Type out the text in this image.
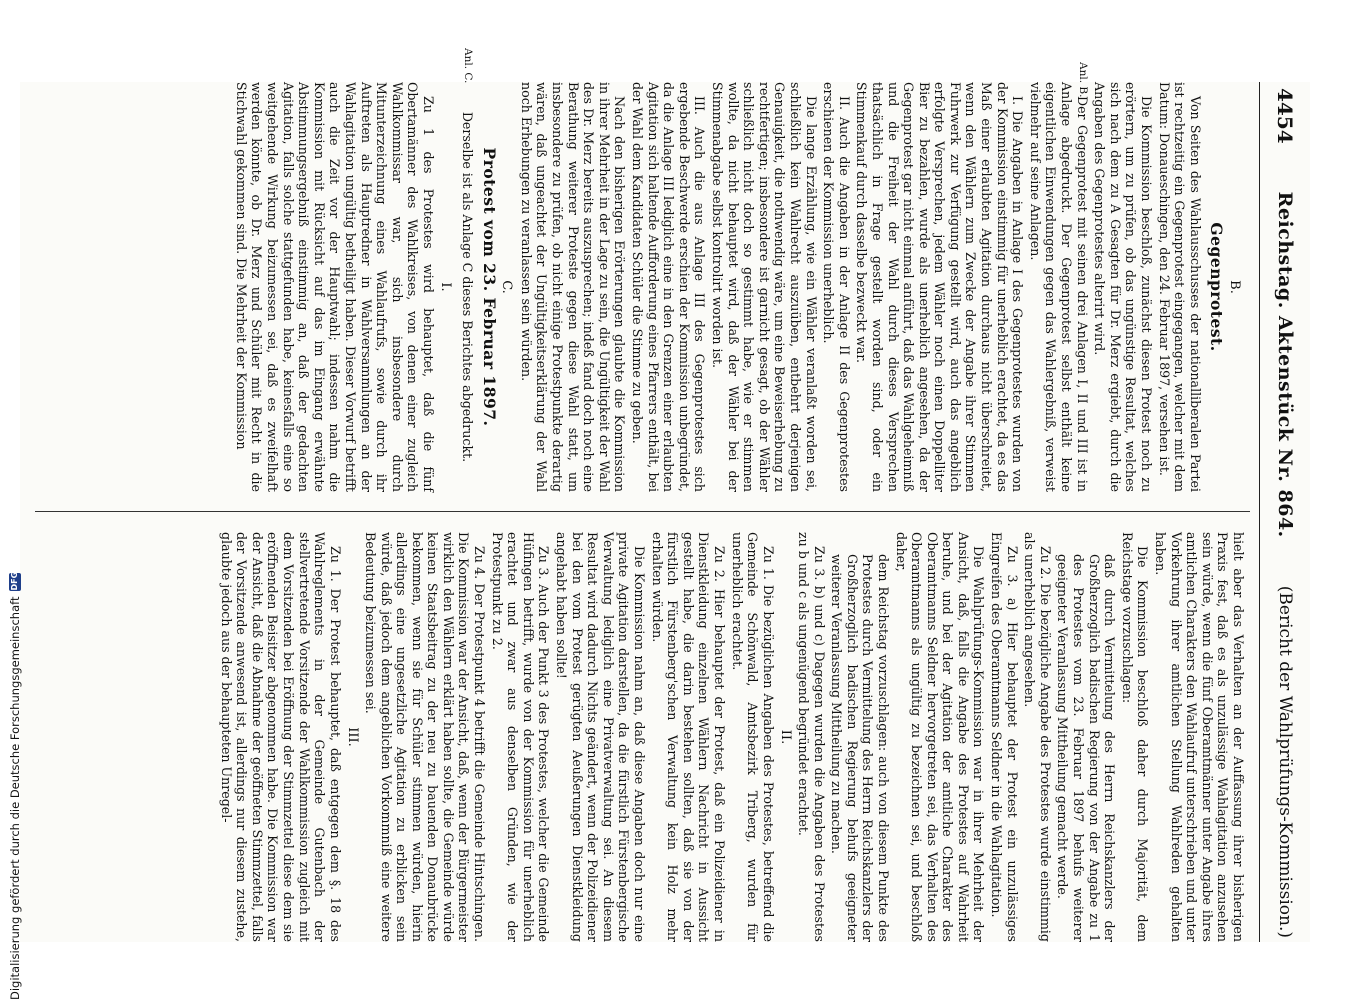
4454
Reichstag. Aktenstück Nr. 864.
(Bericht der Wahlprüfungs-Kommission.)
B.
Gegenprotest.

Von Seiten des Wahlausschusses der nationalliberalen Partei ist rechtzeitig ein Gegenprotest eingegangen, welcher mit dem Datum: Donaueschingen, den 24. Februar 1897, versehen ist.

Die Kommission beschloß, zunächst diesen Protest noch zu erörtern, um zu prüfen, ob das ungünstige Resultat, welches sich nach dem zu A Gesagten für Dr. Merz ergiebt, durch die Angaben des Gegenprotestes alterirt wird.

Anl. B.
Der Gegenprotest mit seinen drei Anlagen I, II und III ist in Anlage abgedruckt. Der Gegenprotest selbst enthält keine eigentlichen Einwendungen gegen das Wahlergebniß, verweist vielmehr auf seine Anlagen.

I. Die Angaben in Anlage I des Gegenprotestes wurden von der Kommission einstimmig für unerheblich erachtet, da es das Maß einer erlaubten Agitation durchaus nicht überschreitet, wenn den Wählern zum Zwecke der Angabe ihrer Stimmen Fuhrwerk zur Verfügung gestellt wird, auch das angeblich erfolgte Versprechen, jedem Wähler noch einen Doppelliter Bier zu bezahlen, wurde als unerheblich angesehen, da der Gegenprotest gar nicht einmal anführt, daß das Wahlgeheimniß und die Freiheit der Wahl durch dieses Versprechen thatsächlich in Frage gestellt worden sind, oder ein Stimmenkauf durch dasselbe bezweckt war.

II. Auch die Angaben in der Anlage II des Gegenprotestes erschienen der Kommission unerheblich.

Die lange Erzählung, wie ein Wähler veranlaßt worden sei, schließlich kein Wahlrecht auszuüben, entbehrt derjenigen Genauigkeit, die nothwendig wäre, um eine Beweiserhebung zu rechtfertigen; insbesondere ist garnicht gesagt, ob der Wähler schließlich nicht doch so gestimmt habe, wie er stimmen wollte, da nicht behauptet wird, daß der Wähler bei der Stimmenabgabe selbst kontrolirt worden ist.

III. Auch die aus Anlage III des Gegenprotestes sich ergebende Beschwerde erschien der Kommission unbegründet, da die Anlage III lediglich eine in den Grenzen einer erlaubten Agitation sich haltende Aufforderung eines Pfarrers enthält, bei der Wahl dem Kandidaten Schüler die Stimme zu geben.

Nach den bisherigen Erörterungen glaubte die Kommission in ihrer Mehrheit in der Lage zu sein, die Ungültigkeit der Wahl des Dr. Merz bereits auszusprechen; indeß fand doch noch eine Berathung weiterer Proteste gegen diese Wahl statt, um insbesondere zu prüfen, ob nicht einige Protestpunkte derartig wären, daß ungeachtet der Ungültigkeitserklärung der Wahl noch Erhebungen zu veranlassen sein würden.

C.
Protest vom 23. Februar 1897.
Anl. C.
Derselbe ist als Anlage C dieses Berichtes abgedruckt.
I.

Zu 1 des Protestes wird behauptet, daß die fünf Obertamänner des Wahlkreises, von denen einer zugleich Wahlkommissar war, sich insbesondere durch Mitunterzeichnung eines Wahlaufrufs, sowie durch ihr Auftreten als Hauptredner in Wahlversammlungen an der Wahlagitation ungültig betheiligt haben. Dieser Vorwurf betrifft auch die Zeit vor der Hauptwahl; indessen nahm die Kommission mit Rücksicht auf das im Eingang erwähnte Abstimmungsergebniß einstimmig an, daß der gedachten Agitation, falls solche stattgefunden habe, keinesfalls eine so weitgehende Wirkung beizumessen sei, daß es zweifelhaft werden könnte, ob Dr. Merz und Schüler mit Recht in die Stichwahl gekommen sind. Die Mehrheit der Kommission

hielt aber das Verhalten an der Auffassung ihrer bisherigen Praxis fest, daß es als unzulässige Wahlagitation anzusehen sein würde, wenn die fünf Oberamtmänner unter Angabe ihres amtlichen Charakters den Wahlaufruf unterschrieben und unter Vorkehrung ihrer amtlichen Stellung Wahlreden gehalten haben.

Die Kommission beschloß daher durch Majorität, dem Reichstage vorzuschlagen:

daß durch Vermittelung des Herrn Reichskanzlers der Großherzoglich badischen Regierung von der Angabe zu 1 des Protestes vom 23. Februar 1897 behufs weiterer geeigneter Veranlassung Mittheilung gemacht werde.

Zu 2. Die bezügliche Angabe des Protestes wurde einstimmig als unerheblich angesehen.

Zu 3. a) Hier behauptet der Protest ein unzulässiges Eingreifen des Oberamtmanns Seldner in die Wahlagitation.

Die Wahlprüfungs-Kommission war in ihrer Mehrheit der Ansicht, daß, falls die Angabe des Protestes auf Wahrheit beruhe, und bei der Agitation der amtliche Charakter des Oberamtmanns Seldner hervorgetreten sei, das Verhalten des Oberamtmanns als ungültig zu bezeichnen sei, und beschloß daher,

dem Reichstag vorzuschlagen: auch von diesem Punkte des Protestes durch Vermittelung des Herrn Reichskanzlers der Großherzoglich badischen Regierung behufs geeigneter weiterer Veranlassung Mittheilung zu machen.

Zu 3. b) und c) Dagegen wurden die Angaben des Protestes zu b und c als ungenügend begründet erachtet.

II.

Zu 1. Die bezüglichen Angaben des Protestes, betreffend die Gemeinde Schönwald, Amtsbezirk Triberg, wurden für unerheblich erachtet.

Zu 2. Hier behauptet der Protest, daß ein Polizeidiener in Dienstkleidung einzelnen Wählern Nachricht in Aussicht gestellt habe, die darin bestehen sollten, daß sie von der fürstlich Fürstenberg'schen Verwaltung kein Holz mehr erhalten würden.

Die Kommission nahm an, daß diese Angaben doch nur eine private Agitation darstellen, da die fürstlich Fürstenbergische Verwaltung lediglich eine Privatverwaltung sei. An diesem Resultat wird dadurch Nichts geändert, wenn der Polizeidiener bei den vom Protest gerügten Aeußerungen Dienstkleidung angehabt haben sollte!

Zu 3. Auch der Punkt 3 des Protestes, welcher die Gemeinde Hüfingen betrifft, wurde von der Kommission für unerheblich erachtet und zwar aus denselben Gründen, wie der Protestpunkt zu 2.

Zu 4. Der Protestpunkt 4 betrifft die Gemeinde Hintschingen. Die Kommission war der Ansicht, daß, wenn der Bürgermeister wirklich den Wählern erklärt haben sollte, die Gemeinde würde keinen Staatsbeitrag zu der neu zu bauenden Donaubrücke bekommen, wenn sie für Schüler stimmen würden, hierin allerdings eine ungesetzliche Agitation zu erblicken sein würde, daß jedoch dem angeblichen Vorkommniß eine weitere Bedeutung beizumessen sei.

III.

Zu 1. Der Protest behauptet, daß entgegen dem §. 18 des Wahlreglements in der Gemeinde Gutenbach der stellvertretende Vorsitzende der Wahlkommission zugleich mit dem Vorsitzenden bei Eröffnung der Stimmzettel diese dem sie eröffnenden Beisitzer abgenommen habe. Die Kommission war der Ansicht, daß die Abnahme der geöffneten Stimmzettel, falls der Vorsitzende anwesend ist, allerdings nur diesem zustehe, glaubte jedoch aus der behaupteten Unregel-

Digitalisierung gefördert durch die Deutsche Forschungsgemeinschaft
DFG
